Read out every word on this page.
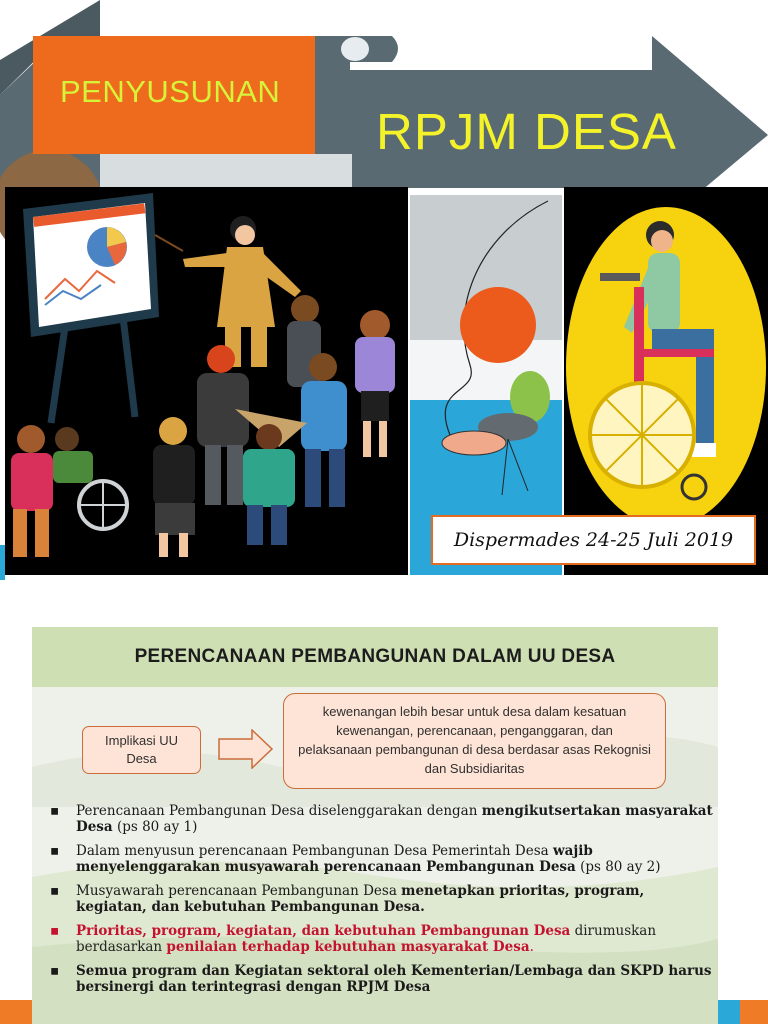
PENYUSUNAN
RPJM DESA
Dispermades 24-25 Juli 2019
PERENCANAAN PEMBANGUNAN DALAM UU DESA
Implikasi UU Desa
kewenangan lebih besar untuk desa dalam kesatuan kewenangan, perencanaan, penganggaran, dan pelaksanaan pembangunan di desa berdasar asas Rekognisi dan Subsidiaritas
▪ Perencanaan Pembangunan Desa diselenggarakan dengan mengikutsertakan masyarakat Desa (ps 80 ay 1)
▪ Dalam menyusun perencanaan Pembangunan Desa Pemerintah Desa wajib menyelenggarakan musyawarah perencanaan Pembangunan Desa (ps 80 ay 2)
▪ Musyawarah perencanaan Pembangunan Desa menetapkan prioritas, program, kegiatan, dan kebutuhan Pembangunan Desa.
▪ Prioritas, program, kegiatan, dan kebutuhan Pembangunan Desa dirumuskan berdasarkan penilaian terhadap kebutuhan masyarakat Desa.
▪ Semua program dan Kegiatan sektoral oleh Kementerian/Lembaga dan SKPD harus bersinergi dan terintegrasi dengan RPJM Desa
